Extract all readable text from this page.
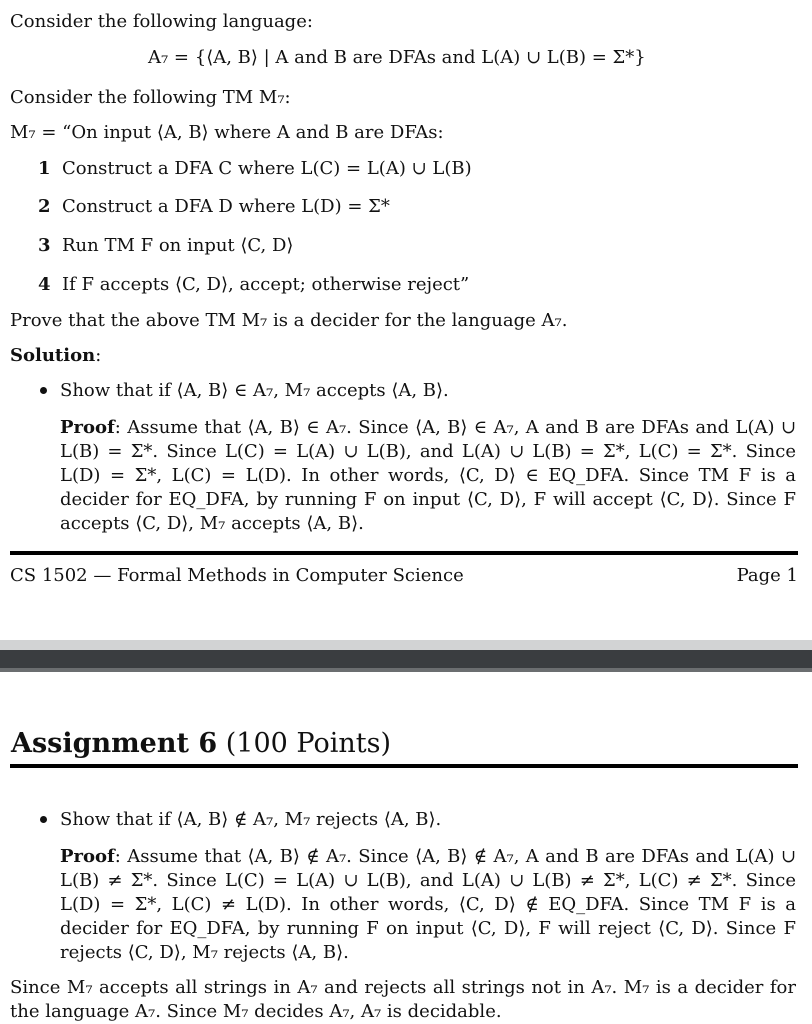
Consider the following language:
A₇ = {⟨A, B⟩ | A and B are DFAs and L(A) ∪ L(B) = Σ*}
Consider the following TM M₇:
M₇ = “On input ⟨A, B⟩ where A and B are DFAs:
1 Construct a DFA C where L(C) = L(A) ∪ L(B)
2 Construct a DFA D where L(D) = Σ*
3 Run TM F on input ⟨C, D⟩
4 If F accepts ⟨C, D⟩, accept; otherwise reject”
Prove that the above TM M₇ is a decider for the language A₇.
Solution:
Show that if ⟨A, B⟩ ∈ A₇, M₇ accepts ⟨A, B⟩.
Proof: Assume that ⟨A, B⟩ ∈ A₇. Since ⟨A, B⟩ ∈ A₇, A and B are DFAs and L(A) ∪ L(B) = Σ*. Since L(C) = L(A) ∪ L(B), and L(A) ∪ L(B) = Σ*, L(C) = Σ*. Since L(D) = Σ*, L(C) = L(D). In other words, ⟨C, D⟩ ∈ EQ_DFA. Since TM F is a decider for EQ_DFA, by running F on input ⟨C, D⟩, F will accept ⟨C, D⟩. Since F accepts ⟨C, D⟩, M₇ accepts ⟨A, B⟩.
CS 1502 — Formal Methods in Computer Science	Page 1
Assignment 6 (100 Points)
Show that if ⟨A, B⟩ ∉ A₇, M₇ rejects ⟨A, B⟩.
Proof: Assume that ⟨A, B⟩ ∉ A₇. Since ⟨A, B⟩ ∉ A₇, A and B are DFAs and L(A) ∪ L(B) ≠ Σ*. Since L(C) = L(A) ∪ L(B), and L(A) ∪ L(B) ≠ Σ*, L(C) ≠ Σ*. Since L(D) = Σ*, L(C) ≠ L(D). In other words, ⟨C, D⟩ ∉ EQ_DFA. Since TM F is a decider for EQ_DFA, by running F on input ⟨C, D⟩, F will reject ⟨C, D⟩. Since F rejects ⟨C, D⟩, M₇ rejects ⟨A, B⟩.
Since M₇ accepts all strings in A₇ and rejects all strings not in A₇. M₇ is a decider for the language A₇. Since M₇ decides A₇, A₇ is decidable.
